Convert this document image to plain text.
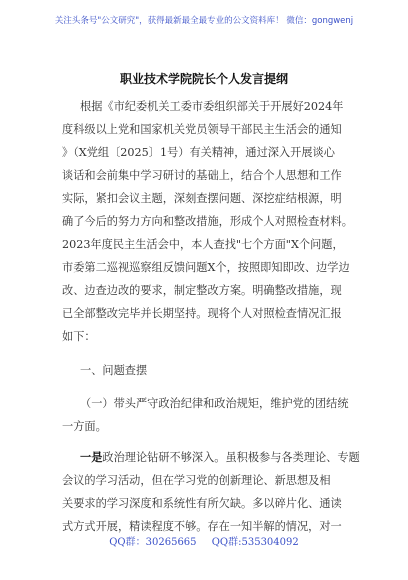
关注头条号"公文研究"，获得最新最全最专业的公文资料库！ 微信：gongwenj
职业技术学院院长个人发言提纲
根据《市纪委机关工委市委组织部关于开展好2024年
度科级以上党和国家机关党员领导干部民主生活会的通知
》（X党组〔2025〕1号）有关精神，通过深入开展谈心
谈话和会前集中学习研讨的基础上，结合个人思想和工作
实际，紧扣会议主题，深刻查摆问题、深挖症结根源，明
确了今后的努力方向和整改措施，形成个人对照检查材料。
2023年度民主生活会中，本人查找"七个方面"X个问题，
市委第二巡视巡察组反馈问题X个，按照即知即改、边学边
改、边查边改的要求，制定整改方案。明确整改措施，现
已全部整改完毕并长期坚持。现将个人对照检查情况汇报
如下：
一、问题查摆
（一）带头严守政治纪律和政治规矩，维护党的团结统
一方面。
一是政治理论钻研不够深入。虽积极参与各类理论、专题
会议的学习活动，但在学习党的创新理论、新思想及相
关要求的学习深度和系统性有所欠缺。多以碎片化、通读
式方式开展，精读程度不够。存在一知半解的情况，对一
QQ群：30265665 QQ群:535304092
